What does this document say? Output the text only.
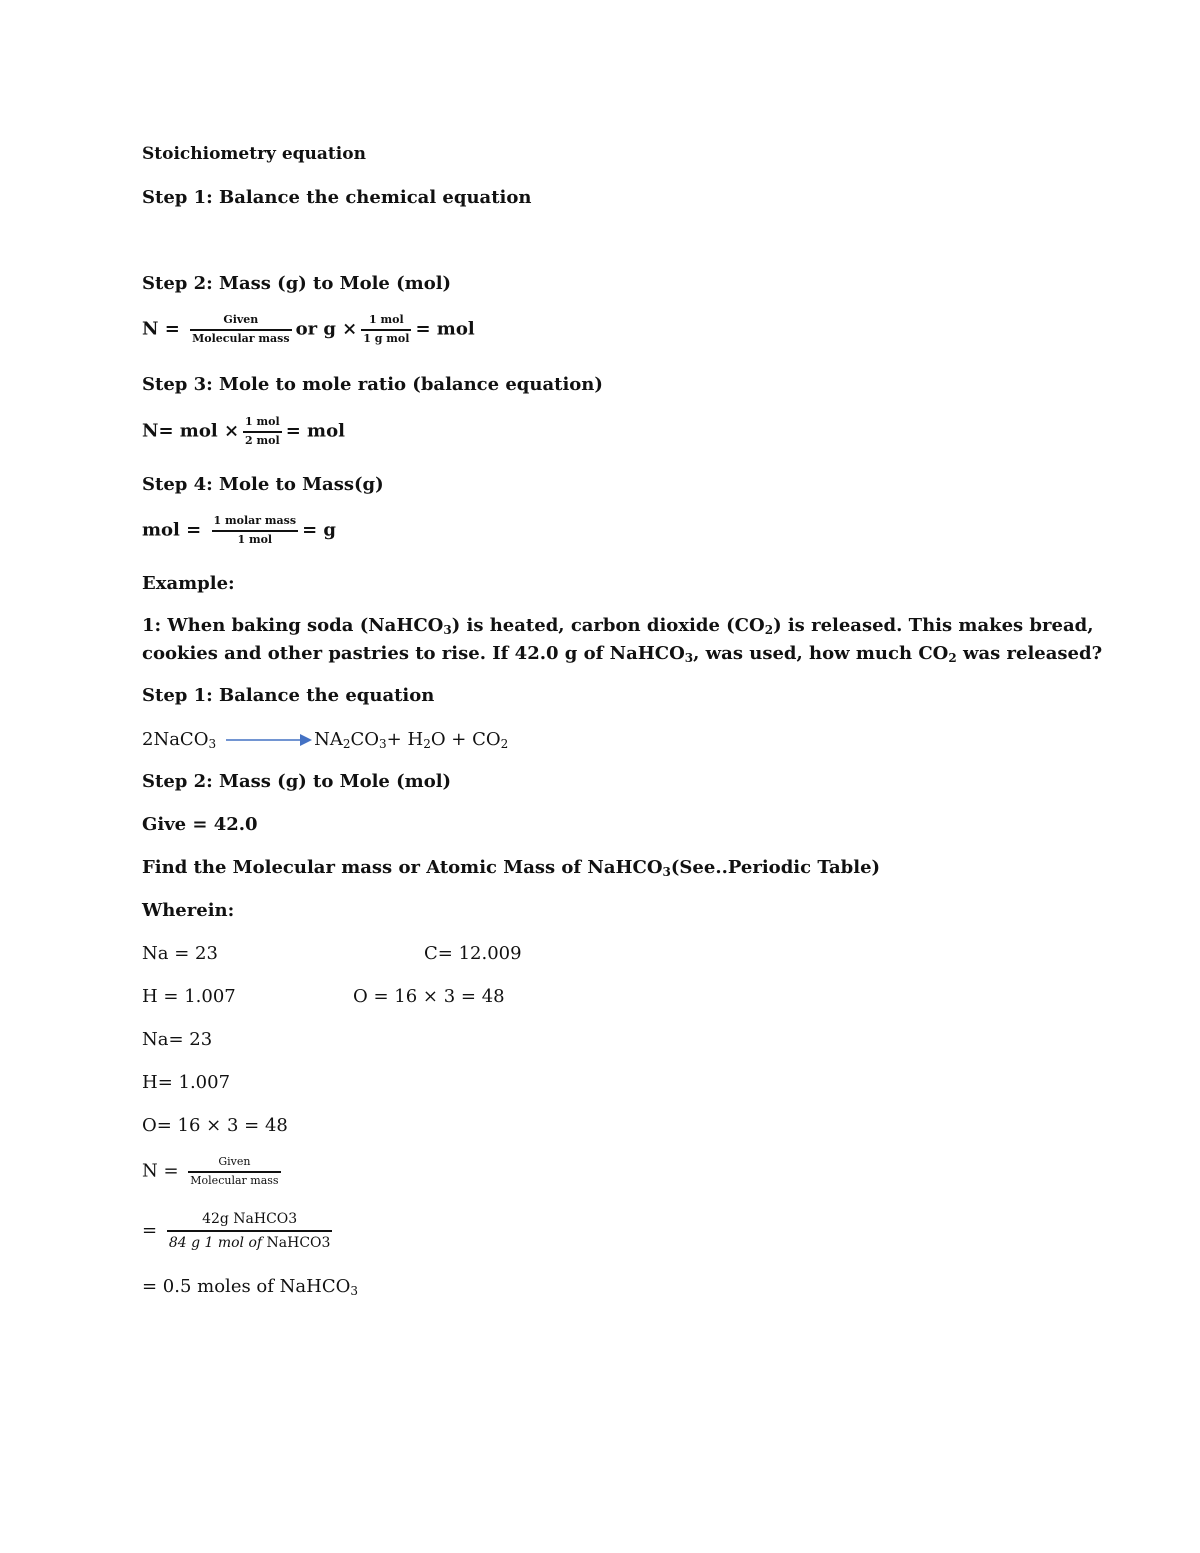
Stoichiometry equation
Step 1: Balance the chemical equation
Step 2: Mass (g) to Mole (mol)
$N = \frac{\text{Given}}{\text{Molecular mass}}$ or $g \times \frac{\text{1 mol}}{\text{1 g mol}}$ = mol
Step 3: Mole to mole ratio (balance equation)
N= mol × $\frac{\text{1 mol}}{\text{2 mol}}$ = mol
Step 4: Mole to Mass(g)
mol = $\frac{\text{1 molar mass}}{\text{1 mol}} = g$
Example:
1: When baking soda (NaHCO$_3$) is heated, carbon dioxide $(CO_2)$ is released. This makes bread,
cookies and other pastries to rise. If 42.0 g of NaHCO$_3$, was used, how much $CO_2$ was released?
Step 1: Balance the equation
2NaCO$_3$	$NA_2CO_3+ H_2O + CO_2$
Step 2: Mass (g) to Mole (mol)
Give = 42.0
Find the Molecular mass or Atomic Mass of NaHCO$_3$(See..Periodic Table)
Wherein:
Na = 23	C= 12.009
H = 1.007	O = 16 × 3 = 48
Na= 23
H= 1.007
O= 16 × 3 = 48
$N = \frac{\text{Given}}{\text{Molecular mass}}$
= $\frac{\text{42g NaHCO3}}{\text{84 g 1 mol of NaHCO3}}$
= 0.5 moles of NaHCO$_3$
